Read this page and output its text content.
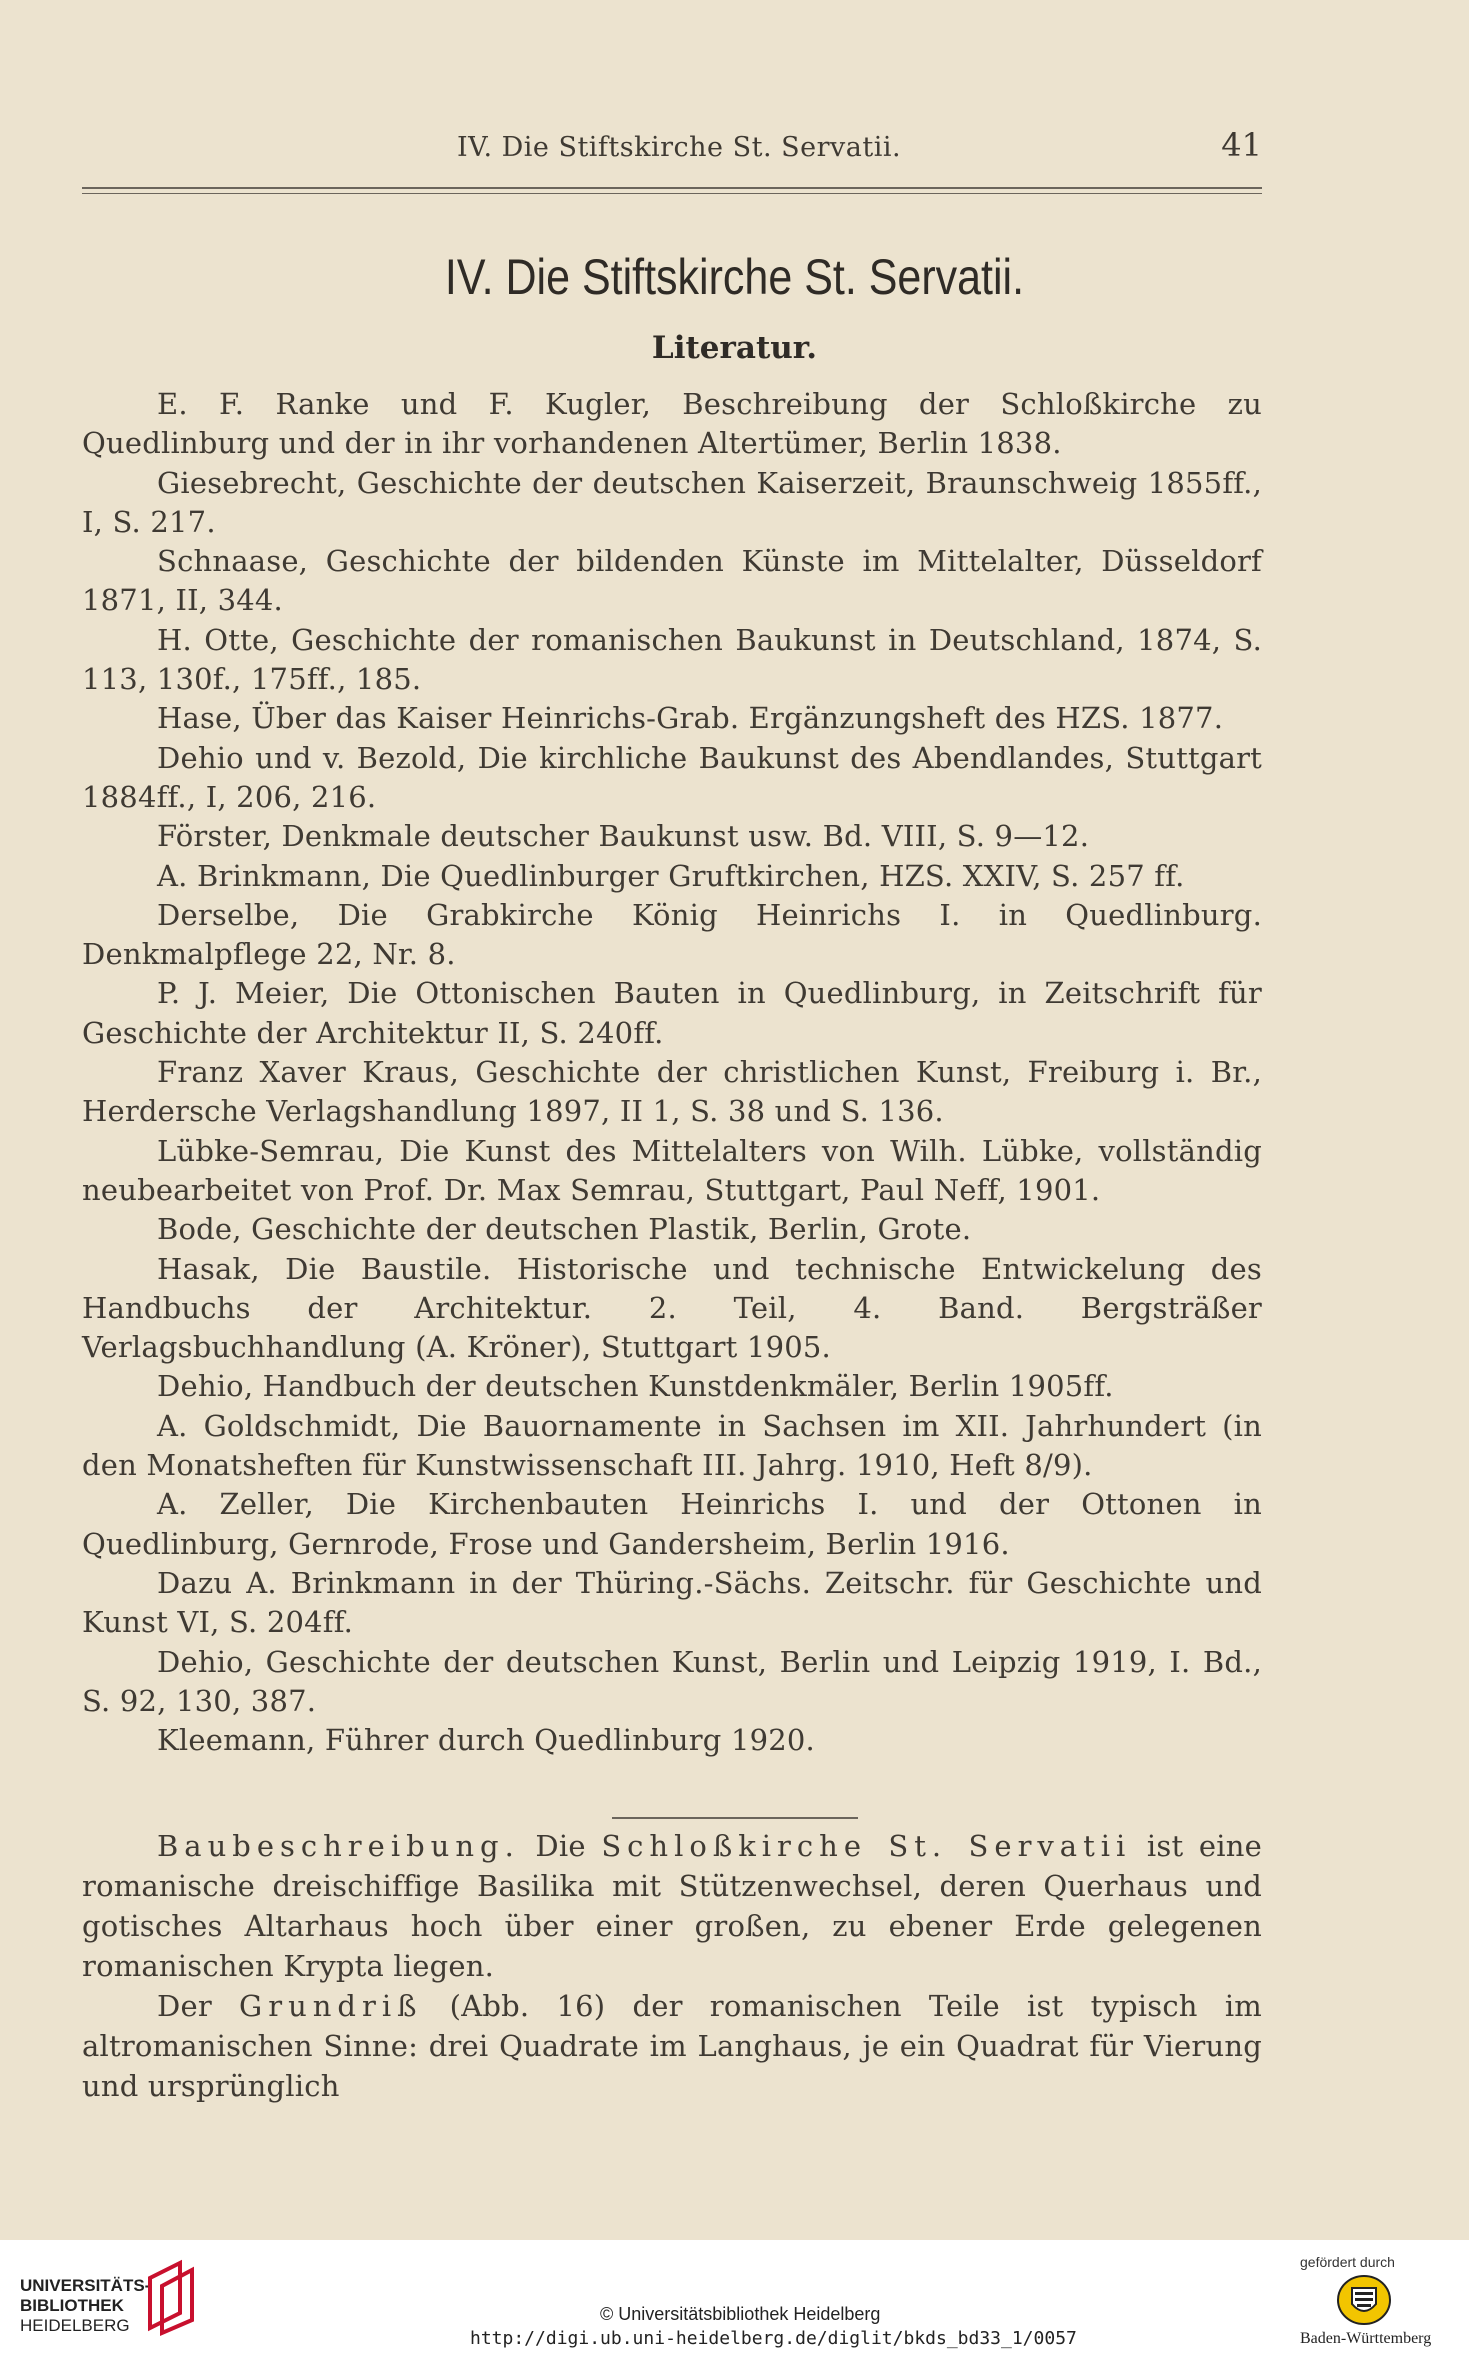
IV. Die Stiftskirche St. Servatii.	41
IV. Die Stiftskirche St. Servatii.
Literatur.

E. F. Ranke und F. Kugler, Beschreibung der Schloßkirche zu Quedlinburg und der in ihr vorhandenen Altertümer, Berlin 1838.

Giesebrecht, Geschichte der deutschen Kaiserzeit, Braunschweig 1855ff., I, S. 217.

Schnaase, Geschichte der bildenden Künste im Mittelalter, Düsseldorf 1871, II, 344.

H. Otte, Geschichte der romanischen Baukunst in Deutschland, 1874, S. 113, 130f., 175ff., 185.

Hase, Über das Kaiser Heinrichs-Grab. Ergänzungsheft des HZS. 1877.

Dehio und v. Bezold, Die kirchliche Baukunst des Abendlandes, Stuttgart 1884ff., I, 206, 216.

Förster, Denkmale deutscher Baukunst usw. Bd. VIII, S. 9—12.

A. Brinkmann, Die Quedlinburger Gruftkirchen, HZS. XXIV, S. 257 ff.

Derselbe, Die Grabkirche König Heinrichs I. in Quedlinburg. Denkmalpflege 22, Nr. 8.

P. J. Meier, Die Ottonischen Bauten in Quedlinburg, in Zeitschrift für Geschichte der Architektur II, S. 240ff.

Franz Xaver Kraus, Geschichte der christlichen Kunst, Freiburg i. Br., Herdersche Verlagshandlung 1897, II 1, S. 38 und S. 136.

Lübke-Semrau, Die Kunst des Mittelalters von Wilh. Lübke, vollständig neubearbeitet von Prof. Dr. Max Semrau, Stuttgart, Paul Neff, 1901.

Bode, Geschichte der deutschen Plastik, Berlin, Grote.

Hasak, Die Baustile. Historische und technische Entwickelung des Handbuchs der Architektur. 2. Teil, 4. Band. Bergsträßer Verlagsbuchhandlung (A. Kröner), Stuttgart 1905.

Dehio, Handbuch der deutschen Kunstdenkmäler, Berlin 1905ff.

A. Goldschmidt, Die Bauornamente in Sachsen im XII. Jahrhundert (in den Monatsheften für Kunstwissenschaft III. Jahrg. 1910, Heft 8/9).

A. Zeller, Die Kirchenbauten Heinrichs I. und der Ottonen in Quedlinburg, Gernrode, Frose und Gandersheim, Berlin 1916.

Dazu A. Brinkmann in der Thüring.-Sächs. Zeitschr. für Geschichte und Kunst VI, S. 204ff.

Dehio, Geschichte der deutschen Kunst, Berlin und Leipzig 1919, I. Bd., S. 92, 130, 387.

Kleemann, Führer durch Quedlinburg 1920.

Baubeschreibung. Die Schloßkirche St. Servatii ist eine romanische dreischiffige Basilika mit Stützenwechsel, deren Querhaus und gotisches Altarhaus hoch über einer großen, zu ebener Erde gelegenen romanischen Krypta liegen.

Der Grundriß (Abb. 16) der romanischen Teile ist typisch im altromanischen Sinne: drei Quadrate im Langhaus, je ein Quadrat für Vierung und ursprünglich

UNIVERSITÄTS-
BIBLIOTHEK
HEIDELBERG
© Universitätsbibliothek Heidelberg
http://digi.ub.uni-heidelberg.de/diglit/bkds_bd33_1/0057
gefördert durch
Baden-Württemberg
